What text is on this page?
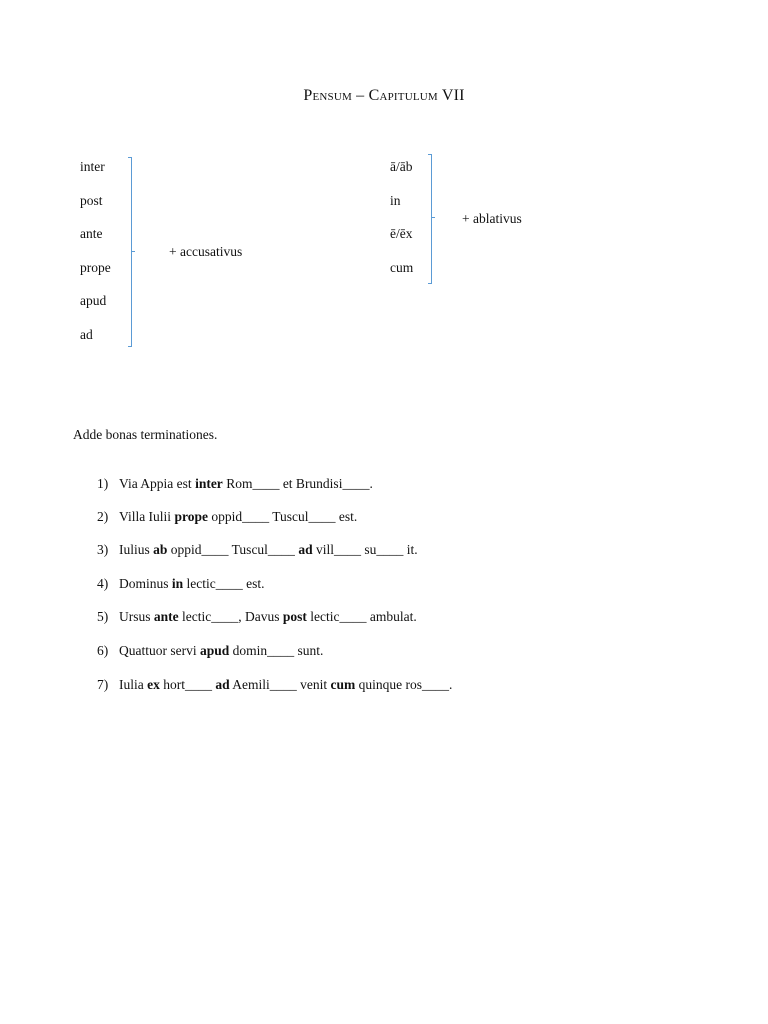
Pensum – Capitulum VII
inter
post
ante
prope
apud
ad
+ accusativus
ā/āb
in
ē/ēx
cum
+ ablativus
Adde bonas terminationes.
1) Via Appia est inter Rom____ et Brundisi____.
2) Villa Iulii prope oppid____ Tuscul____ est.
3) Iulius ab oppid____ Tuscul____ ad vill____ su____ it.
4) Dominus in lectic____ est.
5) Ursus ante lectic____, Davus post lectic____ ambulat.
6) Quattuor servi apud domin____ sunt.
7) Iulia ex hort____ ad Aemili____ venit cum quinque ros____.
